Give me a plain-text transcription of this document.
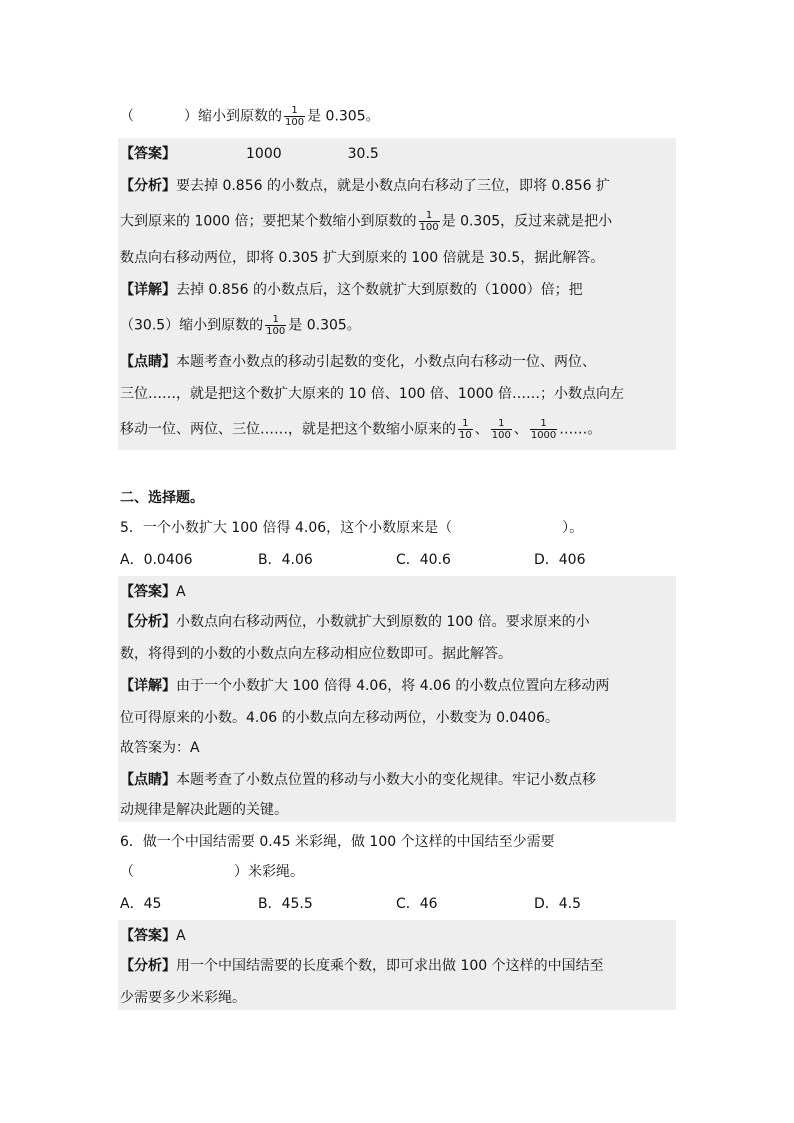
（	）缩小到原数的 $\frac{1}{100}$ 是 0.305。
【答案】	1000	30.5
【分析】要去掉 0.856 的小数点，就是小数点向右移动了三位，即将 0.856 扩
大到原来的 1000 倍；要把某个数缩小到原数的 $\frac{1}{100}$ 是 0.305，反过来就是把小
数点向右移动两位，即将 0.305 扩大到原来的 100 倍就是 30.5，据此解答。
【详解】去掉 0.856 的小数点后，这个数就扩大到原数的（1000）倍；把
（30.5）缩小到原数的 $\frac{1}{100}$ 是 0.305。
【点睛】本题考查小数点的移动引起数的变化，小数点向右移动一位、两位、
三位……，就是把这个数扩大原来的 10 倍、100 倍、1000 倍……；小数点向左
移动一位、两位、三位……，就是把这个数缩小原来的 $\frac{1}{10}$ 、 $\frac{1}{100}$ 、 $\frac{1}{1000}$ ……。
二、选择题。
5．一个小数扩大 100 倍得 4.06，这个小数原来是（	）。
A．0.0406	B．4.06	C．40.6	D．406
【答案】A
【分析】小数点向右移动两位，小数就扩大到原数的 100 倍。要求原来的小
数，将得到的小数的小数点向左移动相应位数即可。据此解答。
【详解】由于一个小数扩大 100 倍得 4.06，将 4.06 的小数点位置向左移动两
位可得原来的小数。4.06 的小数点向左移动两位，小数变为 0.0406。
故答案为：A
【点睛】本题考查了小数点位置的移动与小数大小的变化规律。牢记小数点移
动规律是解决此题的关键。
6．做一个中国结需要 0.45 米彩绳，做 100 个这样的中国结至少需要
（	）米彩绳。
A．45	B．45.5	C．46	D．4.5
【答案】A
【分析】用一个中国结需要的长度乘个数，即可求出做 100 个这样的中国结至
少需要多少米彩绳。
